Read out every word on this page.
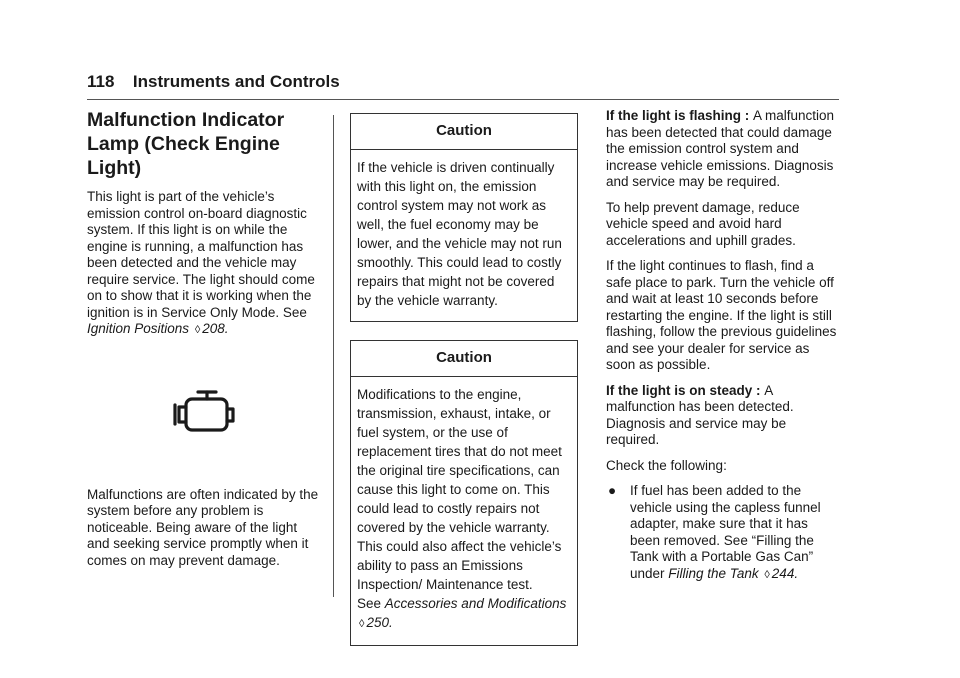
118 Instruments and Controls
Malfunction Indicator Lamp (Check Engine Light)

This light is part of the vehicle’s emission control on-board diagnostic system. If this light is on while the engine is running, a malfunction has been detected and the vehicle may require service. The light should come on to show that it is working when the ignition is in Service Only Mode. See Ignition Positions ◊ 208.

Malfunctions are often indicated by the system before any problem is noticeable. Being aware of the light and seeking service promptly when it comes on may prevent damage.

Caution

If the vehicle is driven continually with this light on, the emission control system may not work as well, the fuel economy may be lower, and the vehicle may not run smoothly. This could lead to costly repairs that might not be covered by the vehicle warranty.

Caution

Modifications to the engine, transmission, exhaust, intake, or fuel system, or the use of replacement tires that do not meet the original tire specifications, can cause this light to come on. This could lead to costly repairs not covered by the vehicle warranty. This could also affect the vehicle’s ability to pass an Emissions Inspection/ Maintenance test.

See Accessories and Modifications ◊ 250.

If the light is flashing : A malfunction has been detected that could damage the emission control system and increase vehicle emissions. Diagnosis and service may be required.

To help prevent damage, reduce vehicle speed and avoid hard accelerations and uphill grades.

If the light continues to flash, find a safe place to park. Turn the vehicle off and wait at least 10 seconds before restarting the engine. If the light is still flashing, follow the previous guidelines and see your dealer for service as soon as possible.

If the light is on steady : A malfunction has been detected. Diagnosis and service may be required.

Check the following:

●	If fuel has been added to the vehicle using the capless funnel adapter, make sure that it has been removed. See “Filling the Tank with a Portable Gas Can” under Filling the Tank ◊ 244.
